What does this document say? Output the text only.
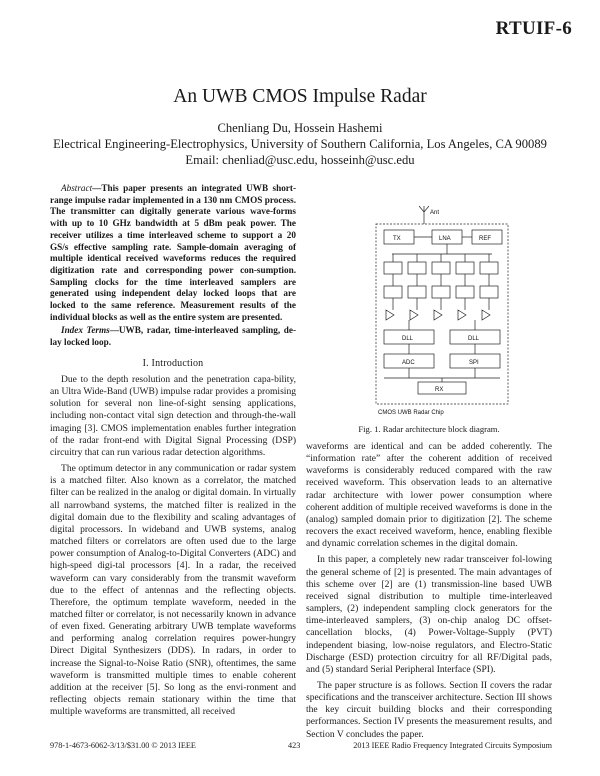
RTUIF-6
An UWB CMOS Impulse Radar
Chenliang Du, Hossein Hashemi
Electrical Engineering-Electrophysics, University of Southern California, Los Angeles, CA 90089
Email: chenliad@usc.edu, hosseinh@usc.edu

Abstract—This paper presents an integrated UWB short-range impulse radar implemented in a 130 nm CMOS process. The transmitter can digitally generate various wave-forms with up to 10 GHz bandwidth at 5 dBm peak power. The receiver utilizes a time interleaved scheme to support a 20 GS/s effective sampling rate. Sample-domain averaging of multiple identical received waveforms reduces the required digitization rate and corresponding power con-sumption. Sampling clocks for the time interleaved samplers are generated using independent delay locked loops that are locked to the same reference. Measurement results of the individual blocks as well as the entire system are presented.

Index Terms—UWB, radar, time-interleaved sampling, de-lay locked loop.

I. Introduction

Due to the depth resolution and the penetration capa-bility, an Ultra Wide-Band (UWB) impulse radar provides a promising solution for several non line-of-sight sensing applications, including non-contact vital sign detection and through-the-wall imaging [3]. CMOS implementation enables further integration of the radar front-end with Digital Signal Processing (DSP) circuitry that can run various radar detection algorithms.

The optimum detector in any communication or radar system is a matched filter. Also known as a correlator, the matched filter can be realized in the analog or digital domain. In virtually all narrowband systems, the matched filter is realized in the digital domain due to the flexibility and scaling advantages of digital processors. In wideband and UWB systems, analog matched filters or correlators are often used due to the large power consumption of Analog-to-Digital Converters (ADC) and high-speed digi-tal processors [4]. In a radar, the received waveform can vary considerably from the transmit waveform due to the effect of antennas and the reflecting objects. Therefore, the optimum template waveform, needed in the matched filter or correlator, is not necessarily known in advance of even fixed. Generating arbitrary UWB template waveforms and performing analog correlation requires power-hungry Direct Digital Synthesizers (DDS). In radars, in order to increase the Signal-to-Noise Ratio (SNR), oftentimes, the same waveform is transmitted multiple times to enable coherent addition at the receiver [5]. So long as the envi-ronment and reflecting objects remain stationary within the time that multiple waveforms are transmitted, all received

Ant
TX	LNA	REF
DLL	DLL
ADC	SPI
RX
CMOS UWB Radar Chip
Fig. 1. Radar architecture block diagram.

waveforms are identical and can be added coherently. The “information rate” after the coherent addition of received waveforms is considerably reduced compared with the raw received waveform. This observation leads to an alternative radar architecture with lower power consumption where coherent addition of multiple received waveforms is done in the (analog) sampled domain prior to digitization [2]. The scheme recovers the exact received waveform, hence, enabling flexible and dynamic correlation schemes in the digital domain.

In this paper, a completely new radar transceiver fol-lowing the general scheme of [2] is presented. The main advantages of this scheme over [2] are (1) transmission-line based UWB received signal distribution to multiple time-interleaved samplers, (2) independent sampling clock generators for the time-interleaved samplers, (3) on-chip analog DC offset-cancellation blocks, (4) Power-Voltage-Supply (PVT) independent biasing, low-noise regulators, and Electro-Static Discharge (ESD) protection circuitry for all RF/Digital pads, and (5) standard Serial Peripheral Interface (SPI).

The paper structure is as follows. Section II covers the radar specifications and the transceiver architecture. Section III shows the key circuit building blocks and their corresponding performances. Section IV presents the measurement results, and Section V concludes the paper.

978-1-4673-6062-3/13/$31.00 © 2013 IEEE	423	2013 IEEE Radio Frequency Integrated Circuits Symposium
